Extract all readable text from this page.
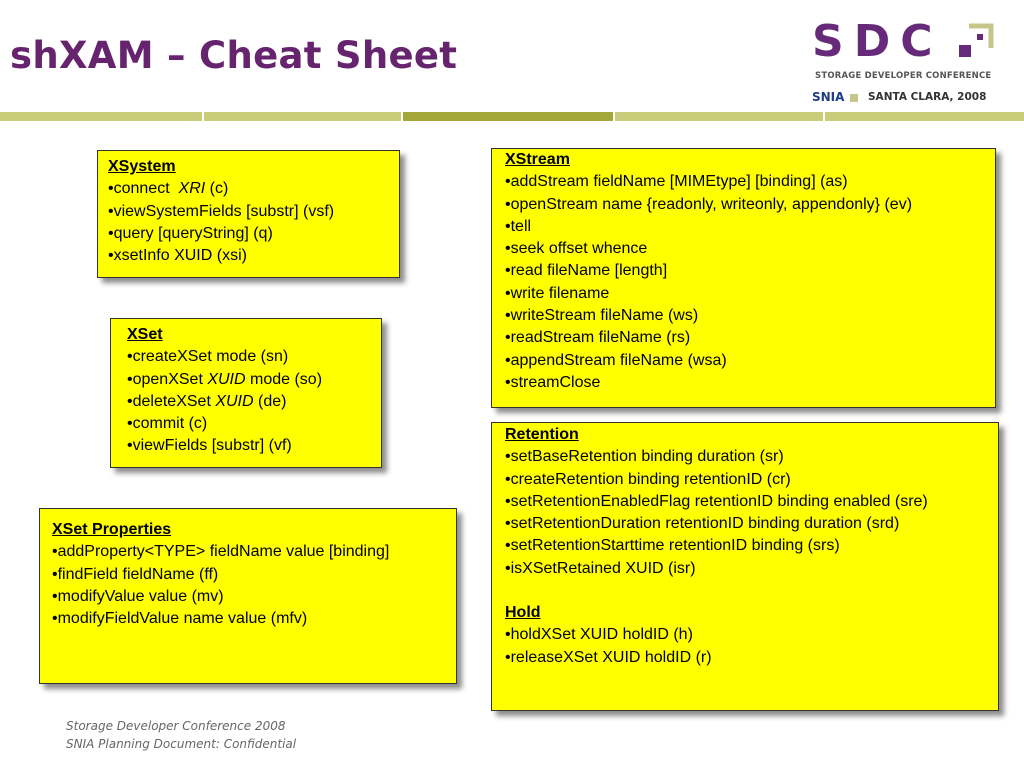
shXAM – Cheat Sheet	SDC
STORAGE DEVELOPER CONFERENCE
SNIA	SANTA CLARA, 2008
XSystem
•connect  XRI (c)
•viewSystemFields [substr] (vsf)
•query [queryString] (q)
•xsetInfo XUID (xsi)
XSet
•createXSet mode (sn)
•openXSet XUID mode (so)
•deleteXSet XUID (de)
•commit (c)
•viewFields [substr] (vf)
XSet Properties
•addProperty<TYPE> fieldName value [binding]
•findField fieldName (ff)
•modifyValue value (mv)
•modifyFieldValue name value (mfv)
XStream
•addStream fieldName [MIMEtype] [binding] (as)
•openStream name {readonly, writeonly, appendonly} (ev)
•tell
•seek offset whence
•read fileName [length]
•write filename
•writeStream fileName (ws)
•readStream fileName (rs)
•appendStream fileName (wsa)
•streamClose
Retention
•setBaseRetention binding duration (sr)
•createRetention binding retentionID (cr)
•setRetentionEnabledFlag retentionID binding enabled (sre)
•setRetentionDuration retentionID binding duration (srd)
•setRetentionStarttime retentionID binding (srs)
•isXSetRetained XUID (isr)
Hold
•holdXSet XUID holdID (h)
•releaseXSet XUID holdID (r)
Storage Developer Conference 2008
SNIA Planning Document: Confidential
